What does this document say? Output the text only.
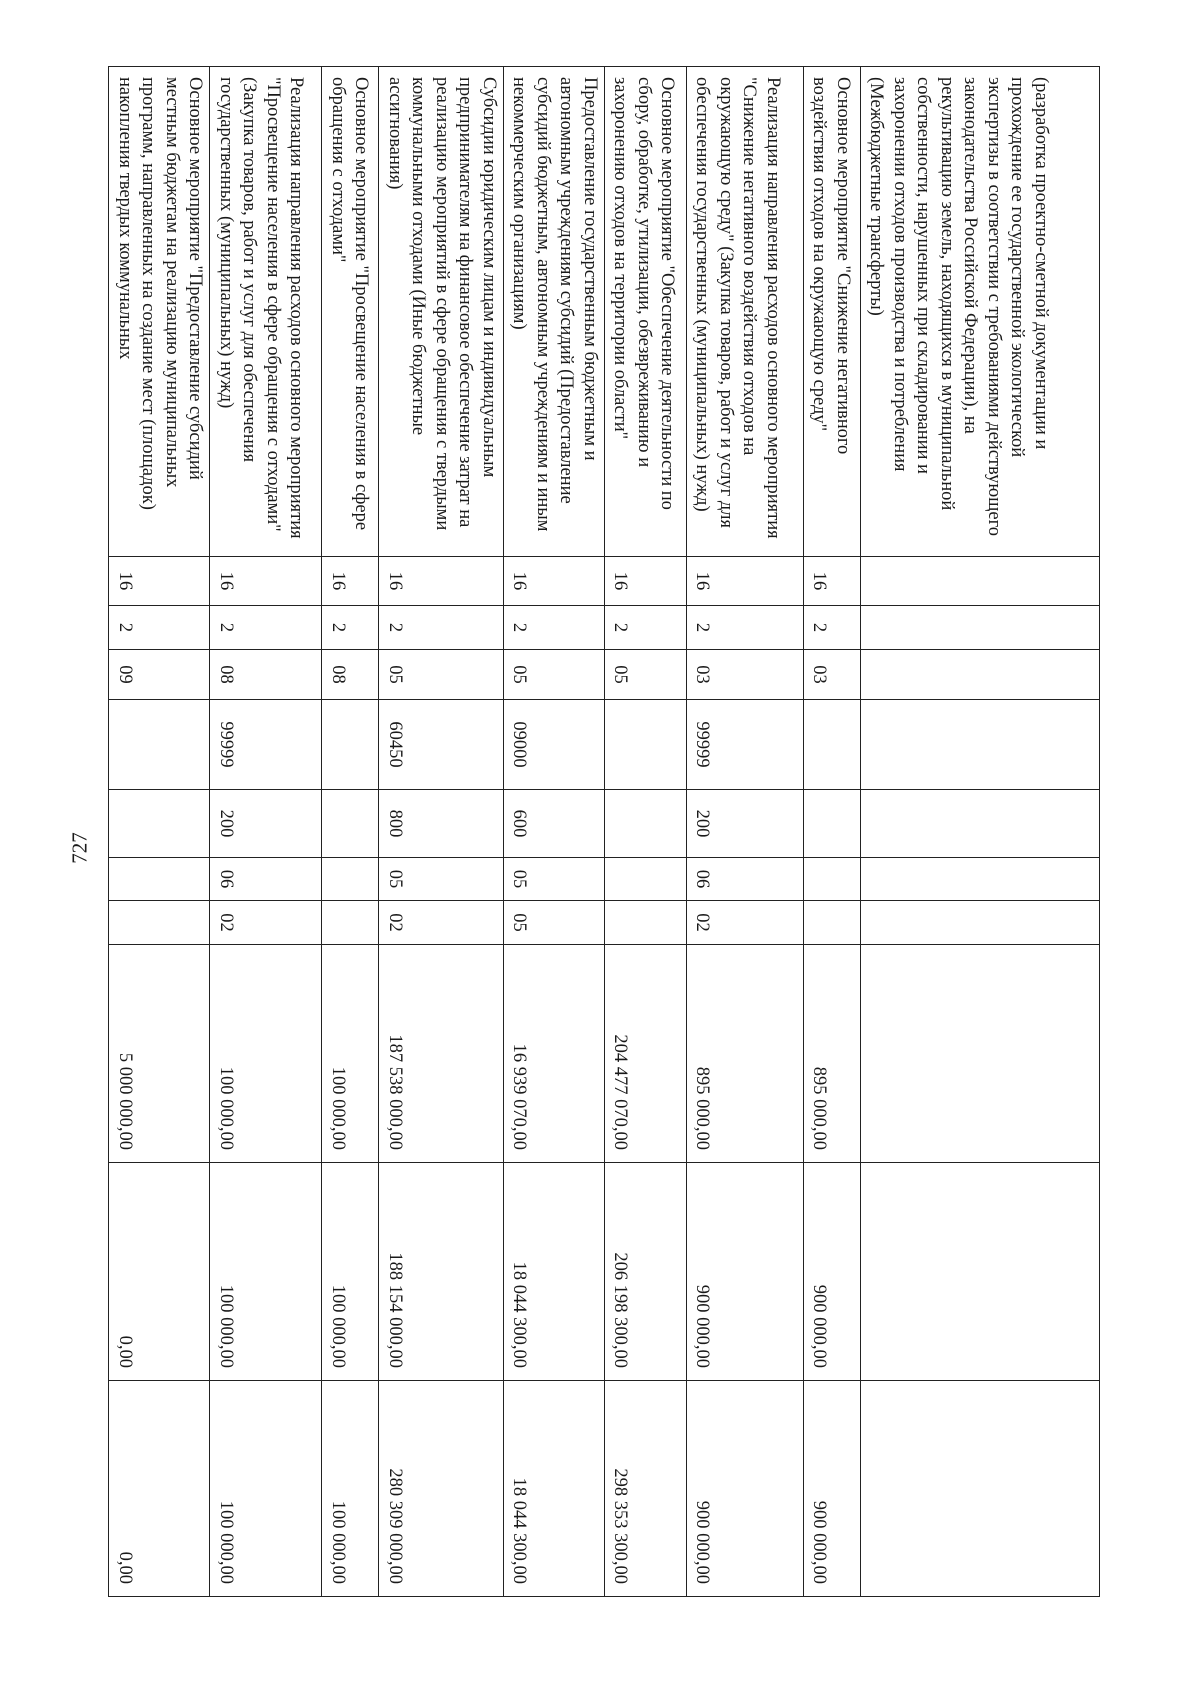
727
(разработка проектно-сметной документации и прохождение ее государственной экологической экспертизы в соответствии с требованиями действующего законодательства Российской Федерации), на рекультивацию земель, находящихся в муниципальной собственности, нарушенных при складировании и захоронении отходов производства и потребления (Межбюджетные трансферты)										
Основное мероприятие "Снижение негативного воздействия отходов на окружающую среду"	16	2	03					895 000,00	900 000,00	900 000,00
Реализация направления расходов основного мероприятия "Снижение негативного воздействия отходов на окружающую среду" (Закупка товаров, работ и услуг для обеспечения государственных (муниципальных) нужд)	16	2	03	99999	200	06	02	895 000,00	900 000,00	900 000,00
Основное мероприятие "Обеспечение деятельности по сбору, обработке, утилизации, обезвреживанию и захоронению отходов на территории области"	16	2	05					204 477 070,00	206 198 300,00	298 353 300,00
Предоставление государственным бюджетным и автономным учреждениям субсидий (Предоставление субсидий бюджетным, автономным учреждениям и иным некоммерческим организациям)	16	2	05	09000	600	05	05	16 939 070,00	18 044 300,00	18 044 300,00
Субсидии юридическим лицам и индивидуальным предпринимателям на финансовое обеспечение затрат на реализацию мероприятий в сфере обращения с твердыми коммунальными отходами (Иные бюджетные ассигнования)	16	2	05	60450	800	05	02	187 538 000,00	188 154 000,00	280 309 000,00
Основное мероприятие "Просвещение населения в сфере обращения с отходами"	16	2	08					100 000,00	100 000,00	100 000,00
Реализация направления расходов основного мероприятия "Просвещение населения в сфере обращения с отходами" (Закупка товаров, работ и услуг для обеспечения государственных (муниципальных) нужд)	16	2	08	99999	200	06	02	100 000,00	100 000,00	100 000,00
Основное мероприятие "Предоставление субсидий местным бюджетам на реализацию муниципальных программ, направленных на создание мест (площадок) накопления твердых коммунальных	16	2	09					5 000 000,00	0,00	0,00
